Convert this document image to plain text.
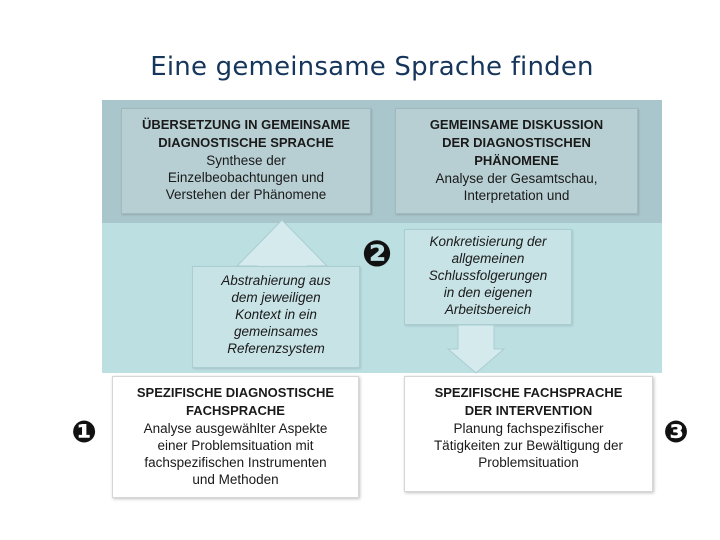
Eine gemeinsame Sprache finden
ÜBERSETZUNG IN GEMEINSAME
DIAGNOSTISCHE SPRACHE
Synthese der
Einzelbeobachtungen und
Verstehen der Phänomene
GEMEINSAME DISKUSSION
DER DIAGNOSTISCHEN
PHÄNOMENE
Analyse der Gesamtschau,
Interpretation und
Abstrahierung aus
dem jeweiligen
Kontext in ein
gemeinsames
Referenzsystem
❷	Konkretisierung der
allgemeinen
Schlussfolgerungen
in den eigenen
Arbeitsbereich
SPEZIFISCHE DIAGNOSTISCHE
FACHSPRACHE
Analyse ausgewählter Aspekte
einer Problemsituation mit
fachspezifischen Instrumenten
und Methoden
SPEZIFISCHE FACHSPRACHE
DER INTERVENTION
Planung fachspezifischer
Tätigkeiten zur Bewältigung der
Problemsituation
❶	❸
